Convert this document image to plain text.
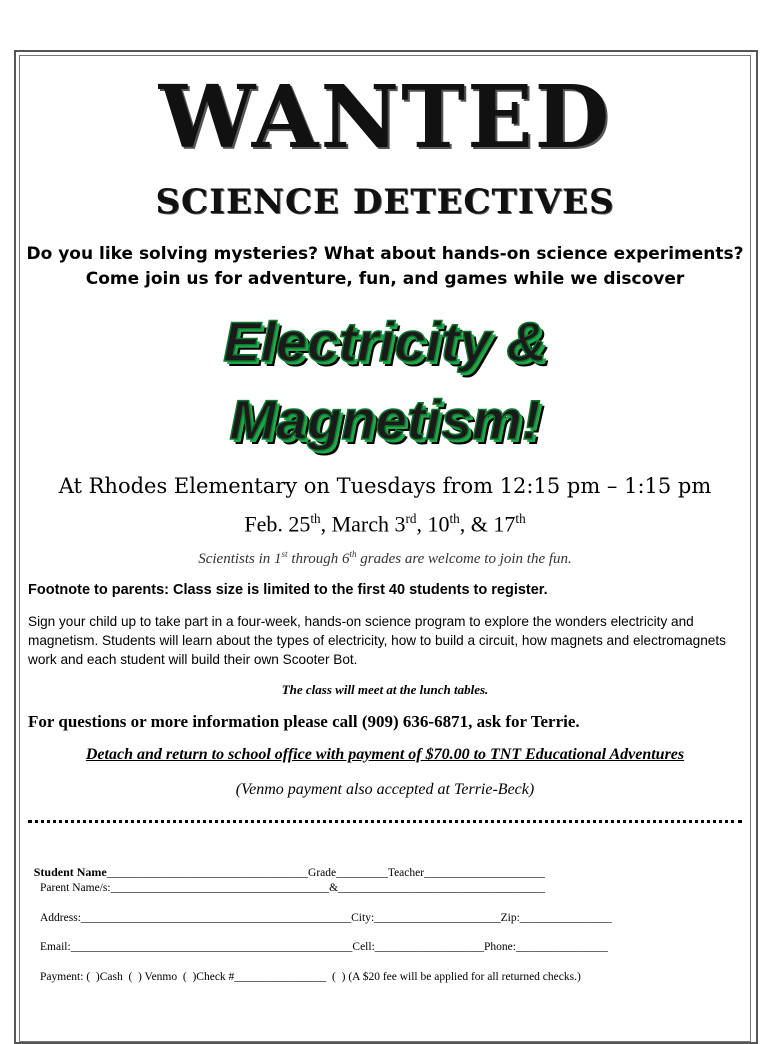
WANTED
SCIENCE DETECTIVES
Do you like solving mysteries? What about hands-on science experiments?
Come join us for adventure, fun, and games while we discover
Electricity &
Magnetism!
At Rhodes Elementary on Tuesdays from 12:15 pm – 1:15 pm
Feb. 25th, March 3rd, 10th, & 17th
Scientists in 1st through 6th grades are welcome to join the fun.
Footnote to parents: Class size is limited to the first 40 students to register.
Sign your child up to take part in a four-week, hands-on science program to explore the wonders electricity and magnetism. Students will learn about the types of electricity, how to build a circuit, how magnets and electromagnets work and each student will build their own Scooter Bot.
The class will meet at the lunch tables.
For questions or more information please call (909) 636-6871, ask for Terrie.
Detach and return to school office with payment of $70.00 to TNT Educational Adventures
(Venmo payment also accepted at Terrie-Beck)

Student Name___________________________________Grade_________Teacher_____________________

Parent Name/s:______________________________________&____________________________________
Address:_______________________________________________City:______________________Zip:________________
Email:_________________________________________________Cell:___________________Phone:________________
Payment: (  )Cash  (  ) Venmo  (  )Check #________________  (  ) (A $20 fee will be applied for all returned checks.)
